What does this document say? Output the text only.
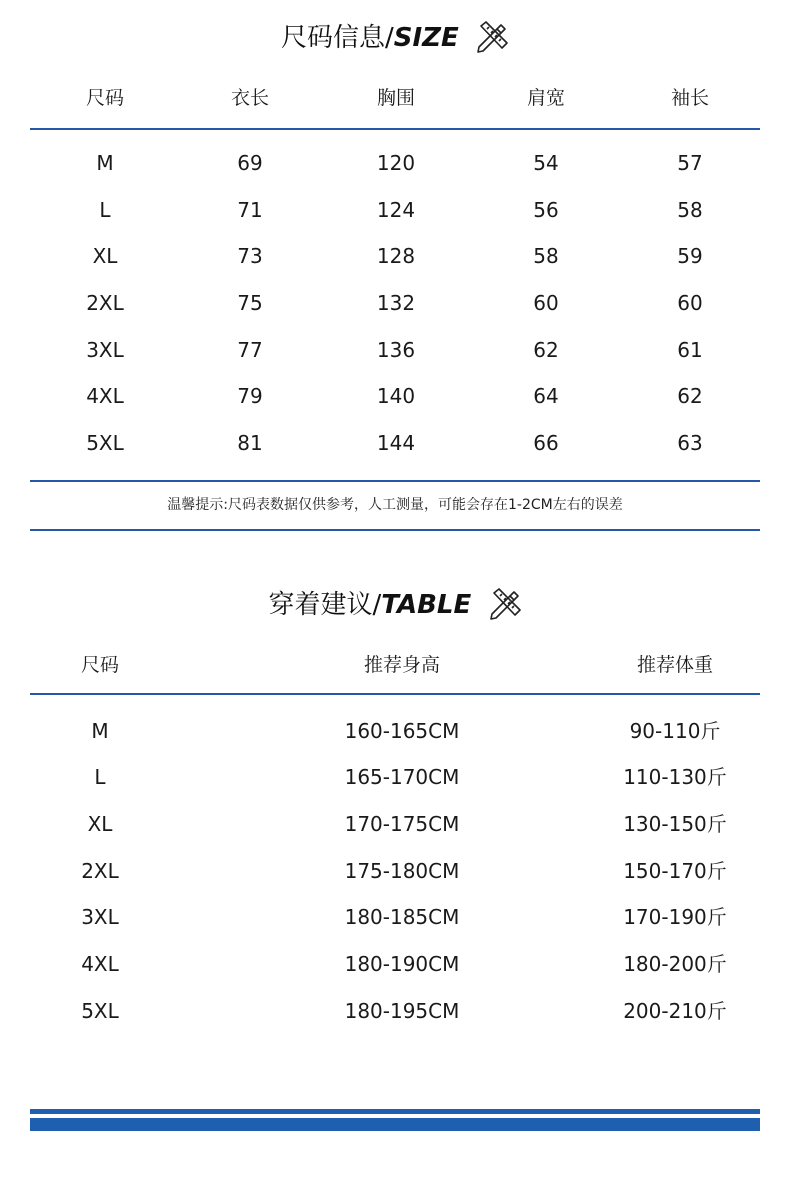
尺码信息/SIZE
尺码	衣长	胸围	肩宽	袖长
M	69	120	54	57
L	71	124	56	58
XL	73	128	58	59
2XL	75	132	60	60
3XL	77	136	62	61
4XL	79	140	64	62
5XL	81	144	66	63
温馨提示:尺码表数据仅供参考，人工测量，可能会存在1-2CM左右的误差
穿着建议/TABLE
尺码	推荐身高	推荐体重
M	160-165CM	90-110斤
L	165-170CM	110-130斤
XL	170-175CM	130-150斤
2XL	175-180CM	150-170斤
3XL	180-185CM	170-190斤
4XL	180-190CM	180-200斤
5XL	180-195CM	200-210斤
